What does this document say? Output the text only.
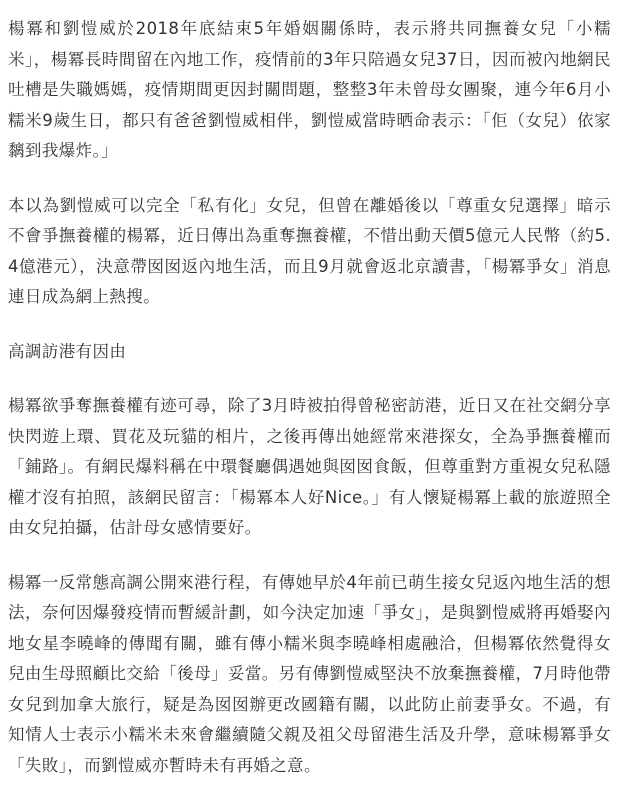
楊冪和劉愷威於2018年底結束5年婚姻關係時，表示將共同撫養女兒「小糯米」，楊冪長時間留在內地工作，疫情前的3年只陪過女兒37日，因而被內地網民吐槽是失職媽媽，疫情期間更因封關問題，整整3年未曾母女團聚，連今年6月小糯米9歲生日，都只有爸爸劉愷威相伴，劉愷威當時晒命表示：「佢（女兒）依家黐到我爆炸。」

本以為劉愷威可以完全「私有化」女兒，但曾在離婚後以「尊重女兒選擇」暗示不會爭撫養權的楊冪，近日傳出為重奪撫養權，不惜出動天價5億元人民幣（約5.4億港元），決意帶囡囡返內地生活，而且9月就會返北京讀書，「楊冪爭女」消息連日成為網上熱搜。

高調訪港有因由

楊冪欲爭奪撫養權有迹可尋，除了3月時被拍得曾秘密訪港，近日又在社交網分享快閃遊上環、買花及玩貓的相片，之後再傳出她經常來港探女，全為爭撫養權而「鋪路」。有網民爆料稱在中環餐廳偶遇她與囡囡食飯，但尊重對方重視女兒私隱權才沒有拍照，該網民留言：「楊冪本人好Nice。」有人懷疑楊冪上載的旅遊照全由女兒拍攝，估計母女感情要好。

楊冪一反常態高調公開來港行程，有傳她早於4年前已萌生接女兒返內地生活的想法，奈何因爆發疫情而暫緩計劃，如今決定加速「爭女」，是與劉愷威將再婚娶內地女星李曉峰的傳聞有關，雖有傳小糯米與李曉峰相處融洽，但楊冪依然覺得女兒由生母照顧比交給「後母」妥當。另有傳劉愷威堅決不放棄撫養權，7月時他帶女兒到加拿大旅行，疑是為囡囡辦更改國籍有關，以此防止前妻爭女。不過，有知情人士表示小糯米未來會繼續隨父親及祖父母留港生活及升學，意味楊冪爭女「失敗」，而劉愷威亦暫時未有再婚之意。
